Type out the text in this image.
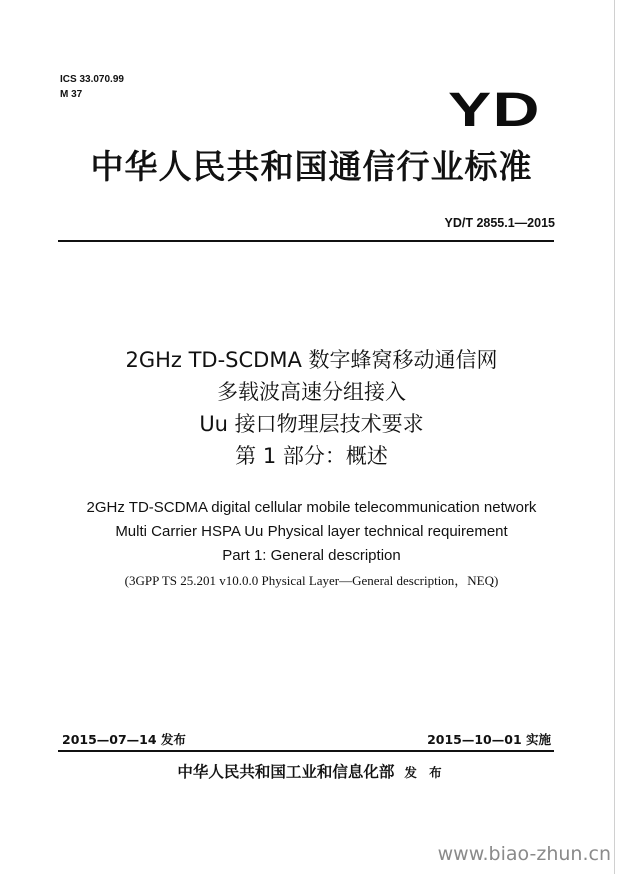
ICS 33.070.99
M 37	YD
中华人民共和国通信行业标准
YD/T 2855.1—2015
2GHz TD-SCDMA 数字蜂窝移动通信网
多载波高速分组接入
Uu 接口物理层技术要求
第 1 部分：概述
2GHz TD-SCDMA digital cellular mobile telecommunication network
Multi Carrier HSPA Uu Physical layer technical requirement
Part 1: General description
(3GPP TS 25.201 v10.0.0 Physical Layer—General description，NEQ)
2015—07—14 发布	2015—10—01 实施
中华人民共和国工业和信息化部 发 布
www.biao-zhun.cn
